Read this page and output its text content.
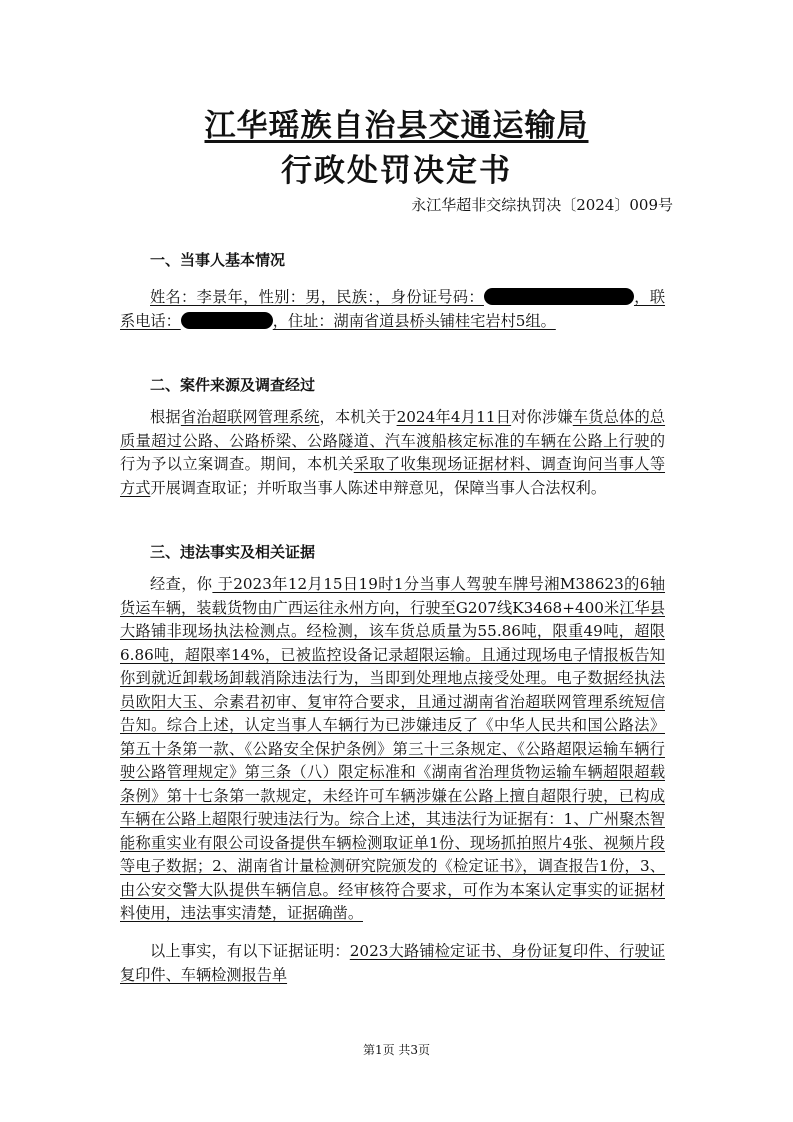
江华瑶族自治县交通运输局
行政处罚决定书
永江华超非交综执罚决〔2024〕009号
一、当事人基本情况
姓名：李景年，性别：男，民族：，身份证号码：	，联系电话：	，住址：湖南省道县桥头铺桂宅岩村5组。
二、案件来源及调查经过
根据省治超联网管理系统，本机关于2024年4月11日对你涉嫌车货总体的总质量超过公路、公路桥梁、公路隧道、汽车渡船核定标准的车辆在公路上行驶的行为予以立案调查。期间，本机关采取了收集现场证据材料、调查询问当事人等方式开展调查取证；并听取当事人陈述申辩意见，保障当事人合法权利。
三、违法事实及相关证据
经查，你 于2023年12月15日19时1分当事人驾驶车牌号湘M38623的6轴货运车辆，装载货物由广西运往永州方向，行驶至G207线K3468+400米江华县大路铺非现场执法检测点。经检测，该车货总质量为55.86吨，限重49吨，超限6.86吨，超限率14%，已被监控设备记录超限运输。且通过现场电子情报板告知你到就近卸载场卸载消除违法行为，当即到处理地点接受处理。电子数据经执法员欧阳大玉、佘素君初审、复审符合要求，且通过湖南省治超联网管理系统短信告知。综合上述，认定当事人车辆行为已涉嫌违反了《中华人民共和国公路法》第五十条第一款、《公路安全保护条例》第三十三条规定、《公路超限运输车辆行驶公路管理规定》第三条（八）限定标准和《湖南省治理货物运输车辆超限超载条例》第十七条第一款规定，未经许可车辆涉嫌在公路上擅自超限行驶，已构成车辆在公路上超限行驶违法行为。综合上述，其违法行为证据有：1、广州聚杰智能称重实业有限公司设备提供车辆检测取证单1份、现场抓拍照片4张、视频片段等电子数据；2、湖南省计量检测研究院颁发的《检定证书》，调查报告1份，3、由公安交警大队提供车辆信息。经审核符合要求，可作为本案认定事实的证据材料使用，违法事实清楚，证据确凿。
以上事实，有以下证据证明：2023大路铺检定证书、身份证复印件、行驶证复印件、车辆检测报告单
第1页 共3页
